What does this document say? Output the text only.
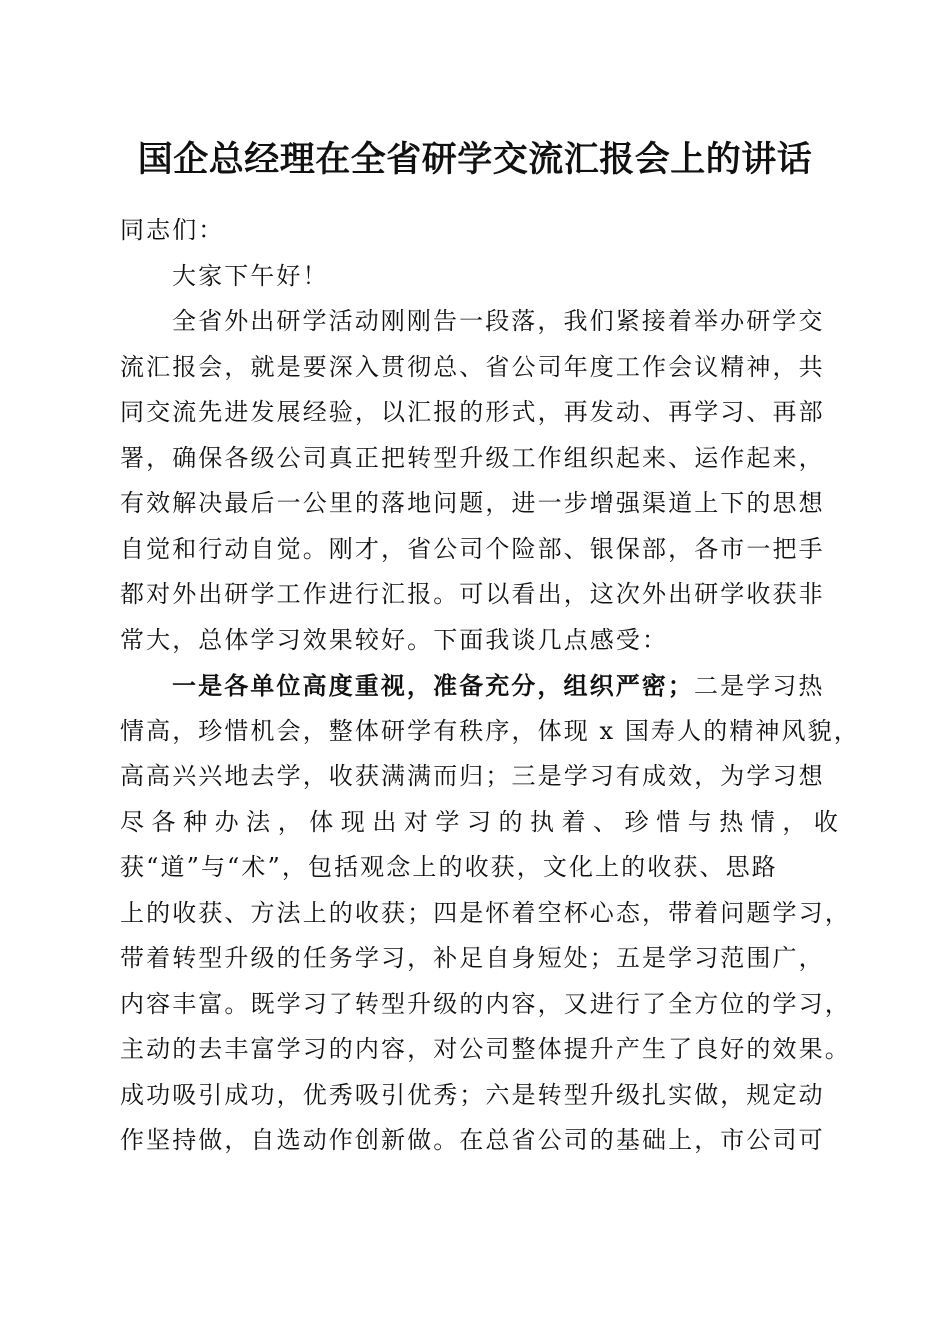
国企总经理在全省研学交流汇报会上的讲话
同志们：
大家下午好！
全省外出研学活动刚刚告一段落，我们紧接着举办研学交
流汇报会，就是要深入贯彻总、省公司年度工作会议精神，共
同交流先进发展经验，以汇报的形式，再发动、再学习、再部
署，确保各级公司真正把转型升级工作组织起来、运作起来，
有效解决最后一公里的落地问题，进一步增强渠道上下的思想
自觉和行动自觉。刚才，省公司个险部、银保部，各市一把手
都对外出研学工作进行汇报。可以看出，这次外出研学收获非
常大，总体学习效果较好。下面我谈几点感受：
一是各单位高度重视，准备充分，组织严密；二是学习热
情高，珍惜机会，整体研学有秩序，体现 x 国寿人的精神风貌，
高高兴兴地去学，收获满满而归；三是学习有成效，为学习想
尽各种办法，体现出对学习的执着、珍惜与热情，收
获“道”与“术”，包括观念上的收获，文化上的收获、思路
上的收获、方法上的收获；四是怀着空杯心态，带着问题学习，
带着转型升级的任务学习，补足自身短处；五是学习范围广，
内容丰富。既学习了转型升级的内容，又进行了全方位的学习，
主动的去丰富学习的内容，对公司整体提升产生了良好的效果。
成功吸引成功，优秀吸引优秀；六是转型升级扎实做，规定动
作坚持做，自选动作创新做。在总省公司的基础上，市公司可
